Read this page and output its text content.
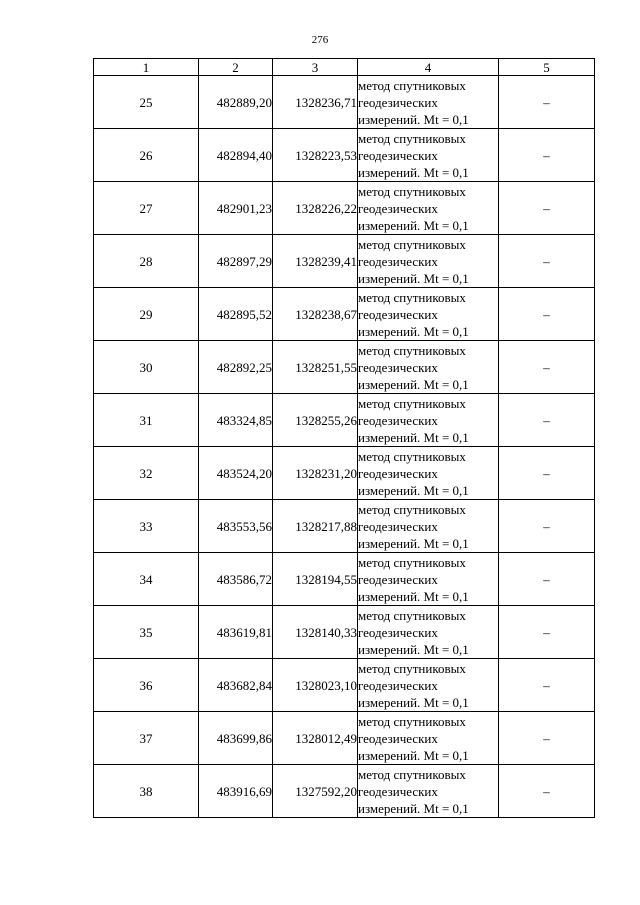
276
1	2	3	4	5
25	482889,20	1328236,71	метод спутниковых
геодезических
измерений. Mt = 0,1	–
26	482894,40	1328223,53	метод спутниковых
геодезических
измерений. Mt = 0,1	–
27	482901,23	1328226,22	метод спутниковых
геодезических
измерений. Mt = 0,1	–
28	482897,29	1328239,41	метод спутниковых
геодезических
измерений. Mt = 0,1	–
29	482895,52	1328238,67	метод спутниковых
геодезических
измерений. Mt = 0,1	–
30	482892,25	1328251,55	метод спутниковых
геодезических
измерений. Mt = 0,1	–
31	483324,85	1328255,26	метод спутниковых
геодезических
измерений. Mt = 0,1	–
32	483524,20	1328231,20	метод спутниковых
геодезических
измерений. Mt = 0,1	–
33	483553,56	1328217,88	метод спутниковых
геодезических
измерений. Mt = 0,1	–
34	483586,72	1328194,55	метод спутниковых
геодезических
измерений. Mt = 0,1	–
35	483619,81	1328140,33	метод спутниковых
геодезических
измерений. Mt = 0,1	–
36	483682,84	1328023,10	метод спутниковых
геодезических
измерений. Mt = 0,1	–
37	483699,86	1328012,49	метод спутниковых
геодезических
измерений. Mt = 0,1	–
38	483916,69	1327592,20	метод спутниковых
геодезических
измерений. Mt = 0,1	–
